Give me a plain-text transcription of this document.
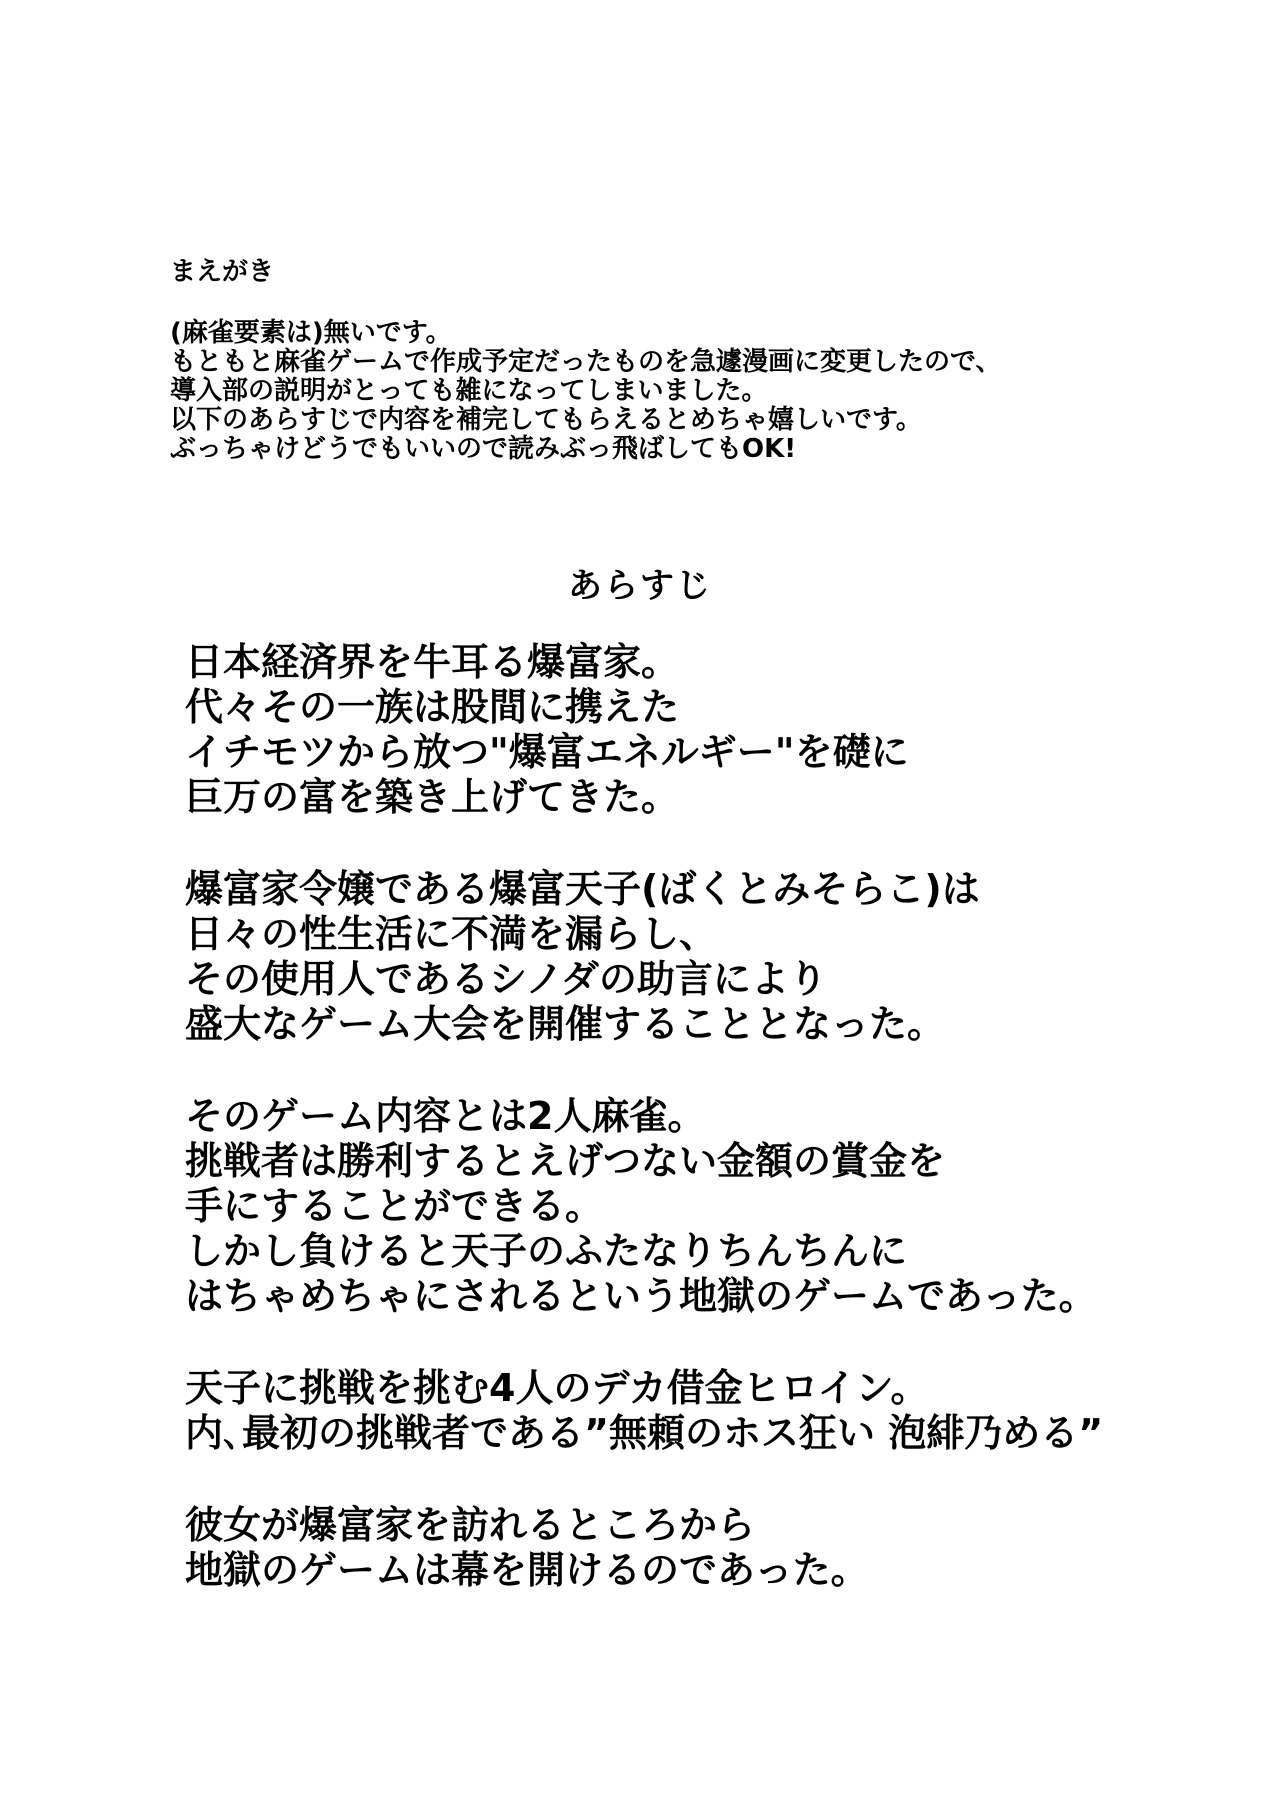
まえがき

(麻雀要素は)無いです。

もともと麻雀ゲームで作成予定だったものを急遽漫画に変更したので、

導入部の説明がとっても雑になってしまいました。

以下のあらすじで内容を補完してもらえるとめちゃ嬉しいです。

ぶっちゃけどうでもいいので読みぶっ飛ばしてもOK!

あらすじ

日本経済界を牛耳る爆富家。

代々その一族は股間に携えた

イチモツから放つ"爆富エネルギー"を礎に

巨万の富を築き上げてきた。

爆富家令嬢である爆富天子(ばくとみそらこ)は

日々の性生活に不満を漏らし、

その使用人であるシノダの助言により

盛大なゲーム大会を開催することとなった。

そのゲーム内容とは2人麻雀。

挑戦者は勝利するとえげつない金額の賞金を

手にすることができる。

しかし負けると天子のふたなりちんちんに

はちゃめちゃにされるという地獄のゲームであった。

天子に挑戦を挑む4人のデカ借金ヒロイン。

内､最初の挑戦者である”無頼のホス狂い 泡緋乃める”

彼女が爆富家を訪れるところから

地獄のゲームは幕を開けるのであった。
